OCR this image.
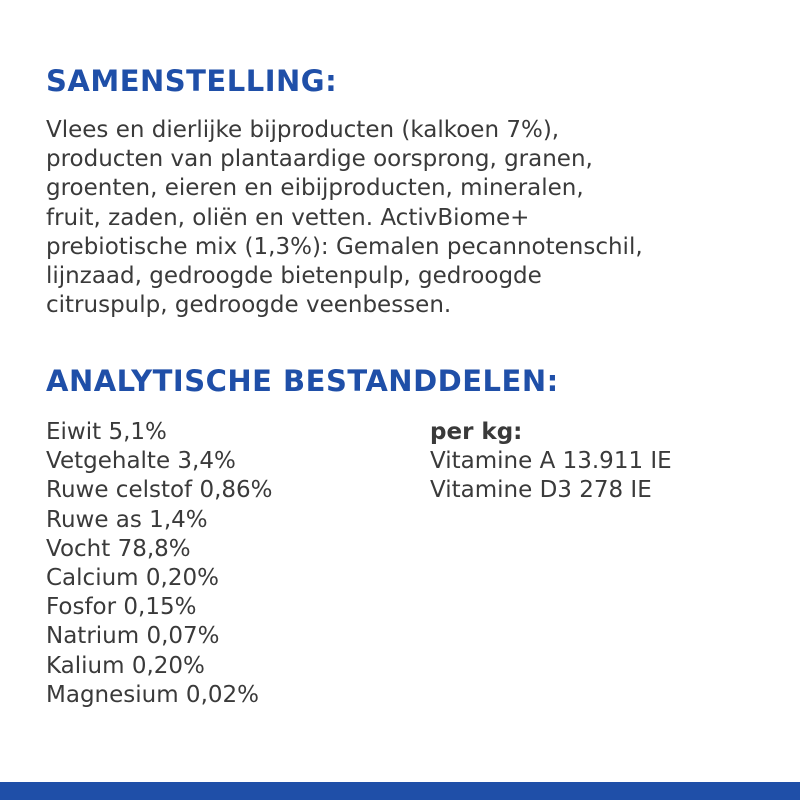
SAMENSTELLING:

Vlees en dierlijke bijproducten (kalkoen 7%),
producten van plantaardige oorsprong, granen,
groenten, eieren en eibijproducten, mineralen,
fruit, zaden, oliën en vetten. ActivBiome+
prebiotische mix (1,3%): Gemalen pecannotenschil,
lijnzaad, gedroogde bietenpulp, gedroogde
citruspulp, gedroogde veenbessen.

ANALYTISCHE BESTANDDELEN:
Eiwit 5,1%
Vetgehalte 3,4%
Ruwe celstof 0,86%
Ruwe as 1,4%
Vocht 78,8%
Calcium 0,20%
Fosfor 0,15%
Natrium 0,07%
Kalium 0,20%
Magnesium 0,02%
per kg:
Vitamine A 13.911 IE
Vitamine D3 278 IE
